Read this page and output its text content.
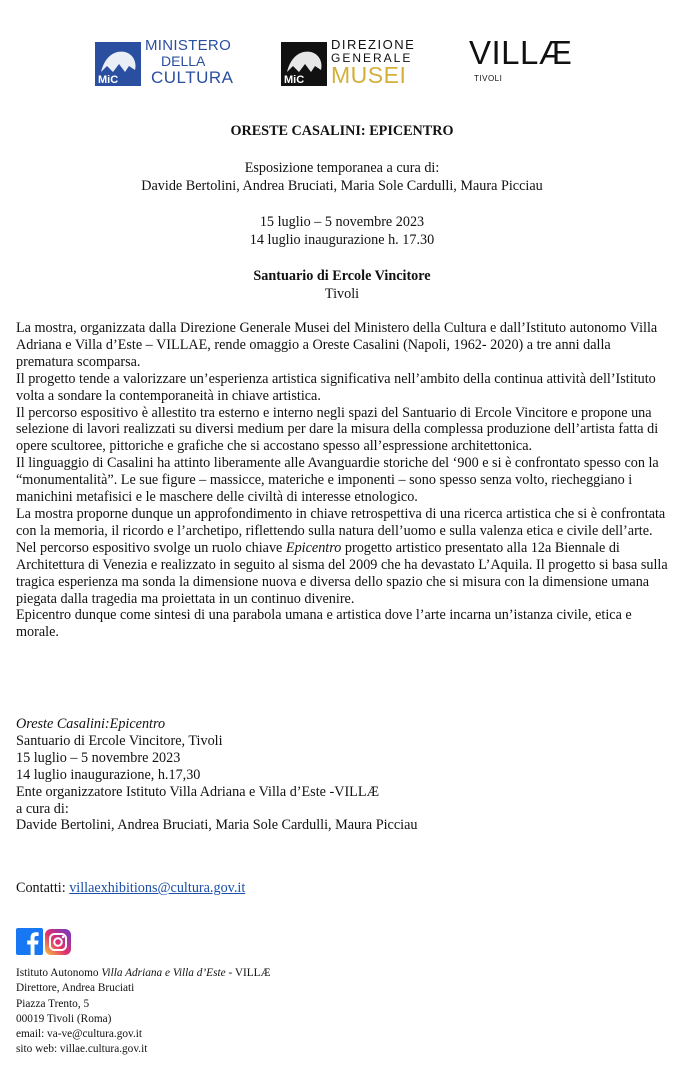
MiC
MINISTERO
DELLA
CULTURA	MiC
DIREZIONE
GENERALE
MUSEI
VILLÆ
TIVOLI
ORESTE CASALINI: EPICENTRO
Esposizione temporanea a cura di:
Davide Bertolini, Andrea Bruciati, Maria Sole Cardulli, Maura Picciau
15 luglio – 5 novembre 2023
14 luglio inaugurazione h. 17.30
Santuario di Ercole Vincitore
Tivoli

La mostra, organizzata dalla Direzione Generale Musei del Ministero della Cultura e dall’Istituto autonomo Villa Adriana e Villa d’Este – VILLAE, rende omaggio a Oreste Casalini (Napoli, 1962- 2020) a tre anni dalla prematura scomparsa.

Il progetto tende a valorizzare un’esperienza artistica significativa nell’ambito della continua attività dell’Istituto volta a sondare la contemporaneità in chiave artistica.

Il percorso espositivo è allestito tra esterno e interno negli spazi del Santuario di Ercole Vincitore e propone una selezione di lavori realizzati su diversi medium per dare la misura della complessa produzione dell’artista fatta di opere scultoree, pittoriche e grafiche che si accostano spesso all’espressione architettonica.

Il linguaggio di Casalini ha attinto liberamente alle Avanguardie storiche del ‘900 e si è confrontato spesso con la “monumentalità”. Le sue figure – massicce, materiche e imponenti – sono spesso senza volto, riecheggiano i manichini metafisici e le maschere delle civiltà di interesse etnologico.

La mostra proporne dunque un approfondimento in chiave retrospettiva di una ricerca artistica che si è confrontata con la memoria, il ricordo e l’archetipo, riflettendo sulla natura dell’uomo e sulla valenza etica e civile dell’arte.

Nel percorso espositivo svolge un ruolo chiave Epicentro progetto artistico presentato alla 12a Biennale di Architettura di Venezia e realizzato in seguito al sisma del 2009 che ha devastato L’Aquila. Il progetto si basa sulla tragica esperienza ma sonda la dimensione nuova e diversa dello spazio che si misura con la dimensione umana piegata dalla tragedia ma proiettata in un continuo divenire.

Epicentro dunque come sintesi di una parabola umana e artistica dove l’arte incarna un’istanza civile, etica e morale.

Oreste Casalini:Epicentro

Santuario di Ercole Vincitore, Tivoli

15 luglio – 5 novembre 2023

14 luglio inaugurazione, h.17,30

Ente organizzatore Istituto Villa Adriana e Villa d’Este -VILLÆ

a cura di:

Davide Bertolini, Andrea Bruciati, Maria Sole Cardulli, Maura Picciau

Contatti: villaexhibitions@cultura.gov.it
Istituto Autonomo Villa Adriana e Villa d’Este - VILLÆ
Direttore, Andrea Bruciati
Piazza Trento, 5
00019 Tivoli (Roma)
email: va-ve@cultura.gov.it
sito web: villae.cultura.gov.it
